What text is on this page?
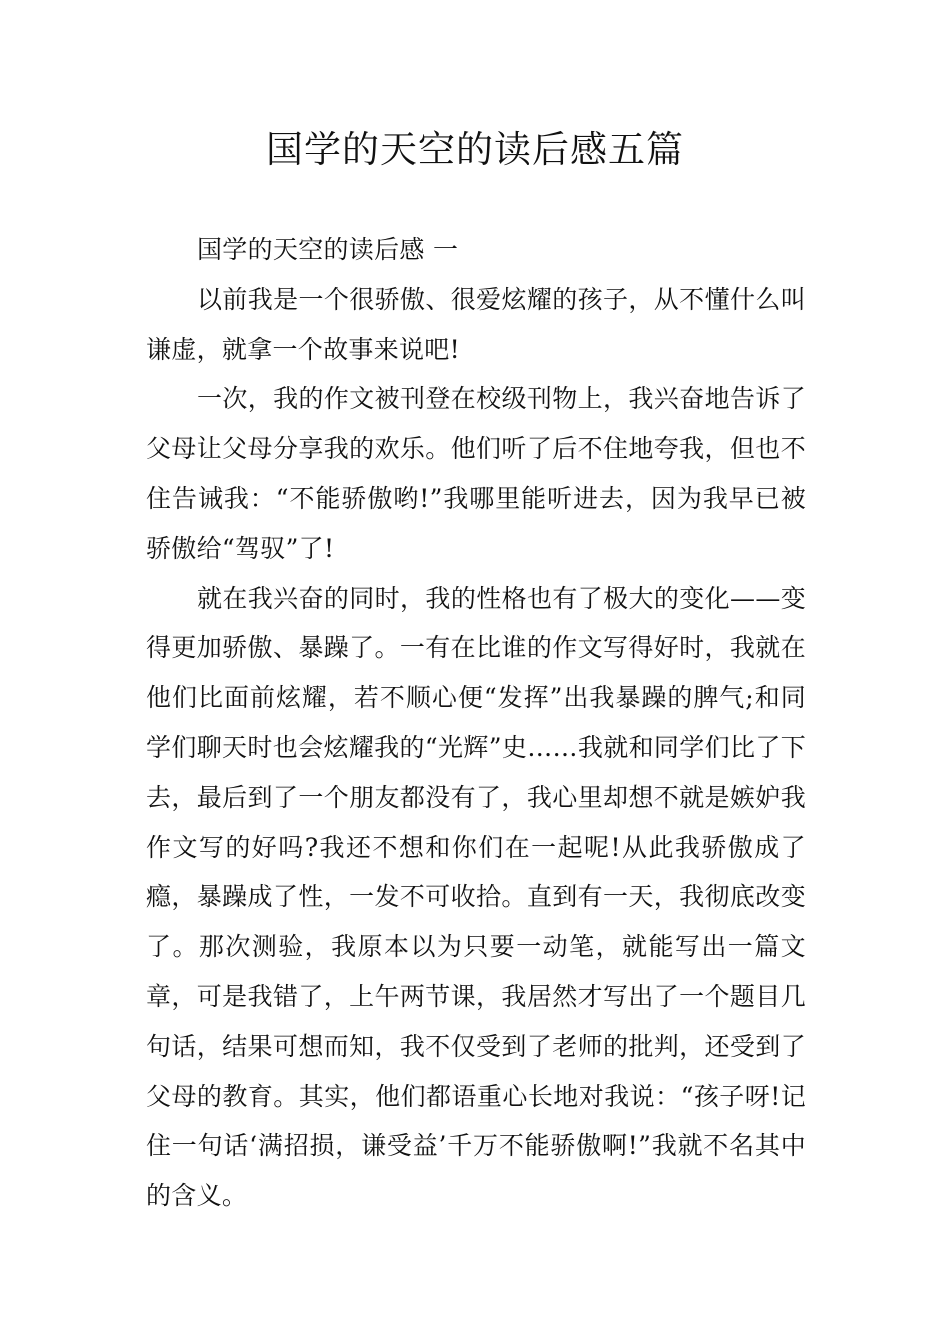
国学的天空的读后感五篇

国学的天空的读后感 一

以前我是一个很骄傲、很爱炫耀的孩子，从不懂什么叫谦虚，就拿一个故事来说吧!

一次，我的作文被刊登在校级刊物上，我兴奋地告诉了父母让父母分享我的欢乐。他们听了后不住地夸我，但也不住告诫我：“不能骄傲哟!”我哪里能听进去，因为我早已被骄傲给“驾驭”了!

就在我兴奋的同时，我的性格也有了极大的变化——变得更加骄傲、暴躁了。一有在比谁的作文写得好时，我就在他们比面前炫耀，若不顺心便“发挥”出我暴躁的脾气;和同学们聊天时也会炫耀我的“光辉”史……我就和同学们比了下去，最后到了一个朋友都没有了，我心里却想不就是嫉妒我作文写的好吗?我还不想和你们在一起呢!从此我骄傲成了瘾，暴躁成了性，一发不可收拾。直到有一天，我彻底改变了。那次测验，我原本以为只要一动笔，就能写出一篇文章，可是我错了，上午两节课，我居然才写出了一个题目几句话，结果可想而知，我不仅受到了老师的批判，还受到了父母的教育。其实，他们都语重心长地对我说：“孩子呀!记住一句话‘满招损，谦受益’千万不能骄傲啊!”我就不名其中的含义。
